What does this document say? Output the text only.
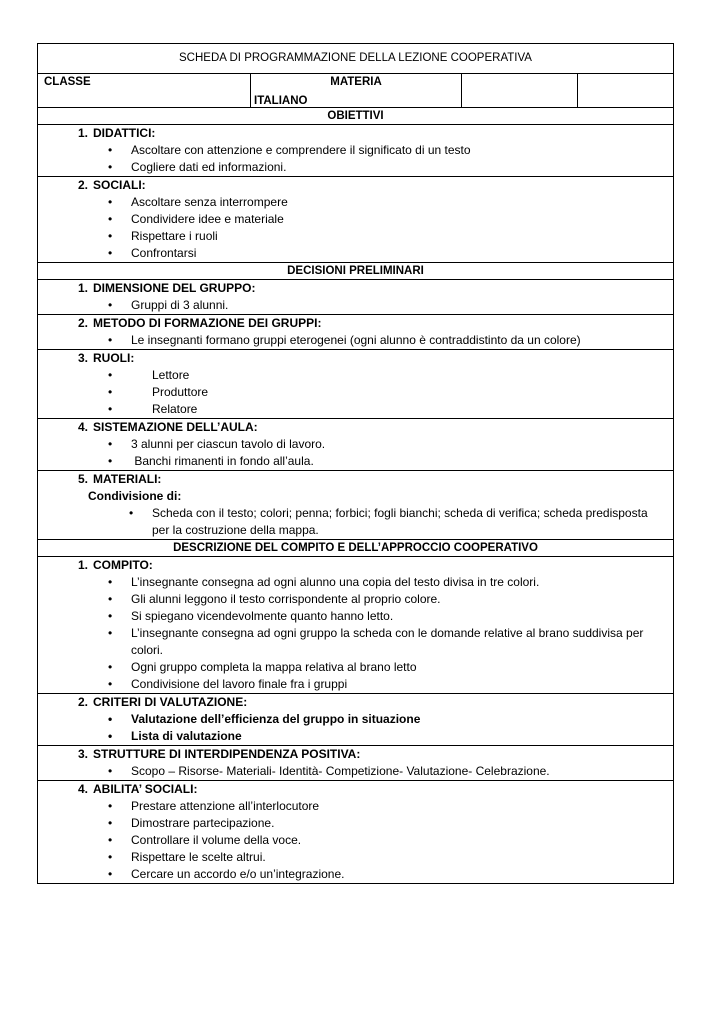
SCHEDA DI PROGRAMMAZIONE DELLA LEZIONE COOPERATIVA
CLASSE	MATERIA
ITALIANO
OBIETTIVI
1. DIDATTICI:
• Ascoltare con attenzione e comprendere il significato di un testo
• Cogliere dati ed informazioni.
2. SOCIALI:
• Ascoltare senza interrompere
• Condividere idee e materiale
• Rispettare i ruoli
• Confrontarsi
DECISIONI PRELIMINARI
1. DIMENSIONE DEL GRUPPO:
• Gruppi di 3 alunni.
2. METODO DI FORMAZIONE DEI GRUPPI:
• Le insegnanti formano gruppi eterogenei (ogni alunno è contraddistinto da un colore)
3. RUOLI:
• Lettore
• Produttore
• Relatore
4. SISTEMAZIONE DELL’AULA:
• 3 alunni per ciascun tavolo di lavoro.
•  Banchi rimanenti in fondo all’aula.
5. MATERIALI:
Condivisione di:
• Scheda con il testo; colori; penna; forbici; fogli bianchi; scheda di verifica; scheda predisposta per la costruzione della mappa.
DESCRIZIONE DEL COMPITO E DELL’APPROCCIO COOPERATIVO
1. COMPITO:
• L’insegnante consegna ad ogni alunno una copia del testo divisa in tre colori.
• Gli alunni leggono il testo corrispondente al proprio colore.
• Si spiegano vicendevolmente quanto hanno letto.
• L’insegnante consegna ad ogni gruppo la scheda con le domande relative al brano suddivisa per colori.
• Ogni gruppo completa la mappa relativa al brano letto
• Condivisione del lavoro finale fra i gruppi
2. CRITERI DI VALUTAZIONE:
• Valutazione dell’efficienza del gruppo in situazione
• Lista di valutazione
3. STRUTTURE DI INTERDIPENDENZA POSITIVA:
• Scopo – Risorse- Materiali- Identità- Competizione- Valutazione- Celebrazione.
4. ABILITA’ SOCIALI:
• Prestare attenzione all’interlocutore
• Dimostrare partecipazione.
• Controllare il volume della voce.
• Rispettare le scelte altrui.
• Cercare un accordo e/o un’integrazione.
